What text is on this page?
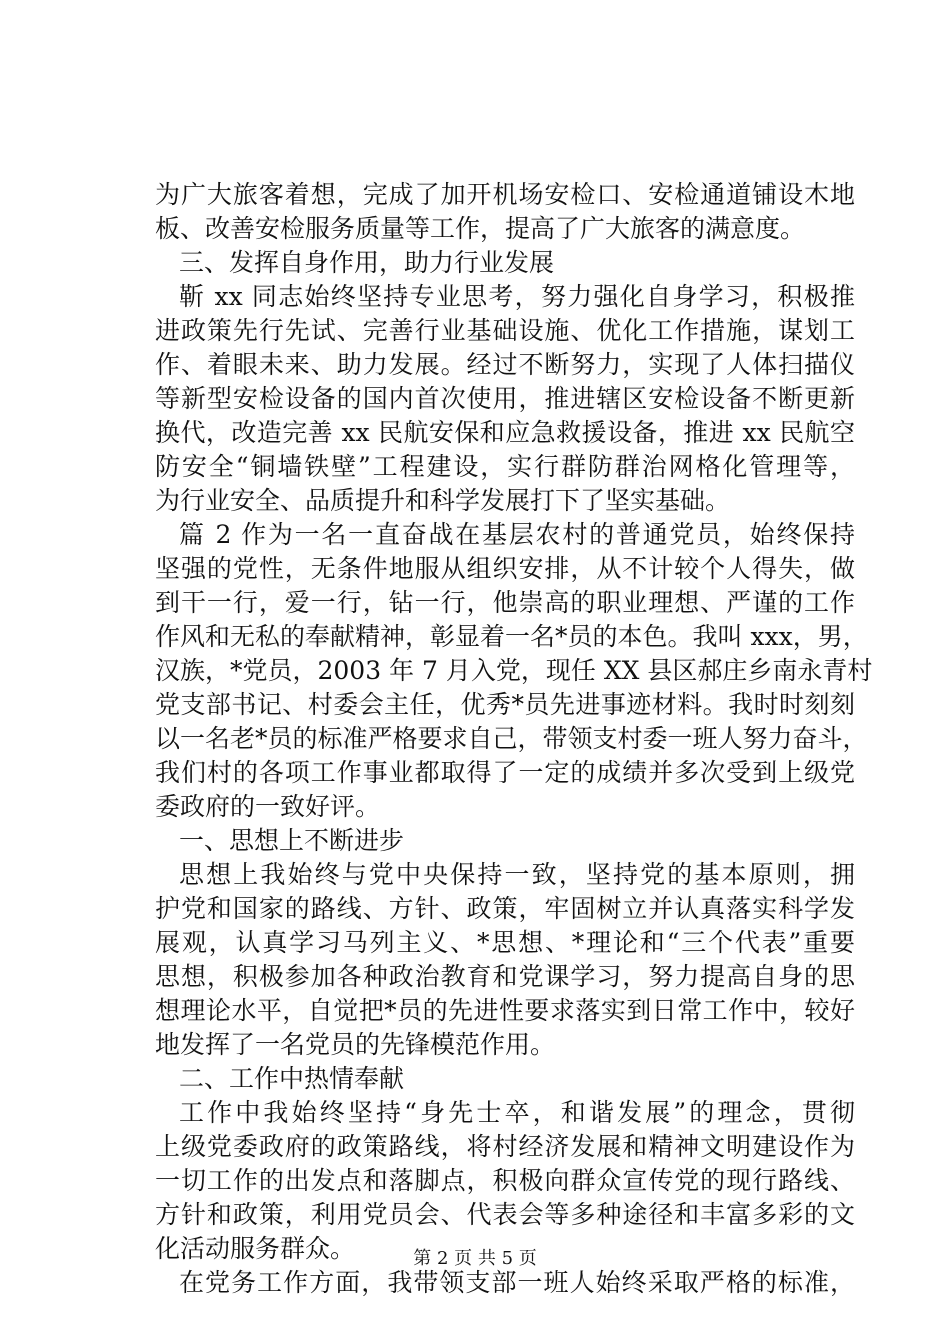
为广大旅客着想，完成了加开机场安检口、安检通道铺设木地
板、改善安检服务质量等工作，提高了广大旅客的满意度。
三、发挥自身作用，助力行业发展
靳 xx 同志始终坚持专业思考，努力强化自身学习，积极推
进政策先行先试、完善行业基础设施、优化工作措施，谋划工
作、着眼未来、助力发展。经过不断努力，实现了人体扫描仪
等新型安检设备的国内首次使用，推进辖区安检设备不断更新
换代，改造完善 xx 民航安保和应急救援设备，推进 xx 民航空
防安全“铜墙铁壁”工程建设，实行群防群治网格化管理等，
为行业安全、品质提升和科学发展打下了坚实基础。
篇 2 作为一名一直奋战在基层农村的普通党员，始终保持
坚强的党性，无条件地服从组织安排，从不计较个人得失，做
到干一行，爱一行，钻一行，他崇高的职业理想、严谨的工作
作风和无私的奉献精神，彰显着一名*员的本色。我叫 xxx，男，
汉族，*党员，2003 年 7 月入党，现任 XX 县区郝庄乡南永青村
党支部书记、村委会主任，优秀*员先进事迹材料。我时时刻刻
以一名老*员的标准严格要求自己，带领支村委一班人努力奋斗，
我们村的各项工作事业都取得了一定的成绩并多次受到上级党
委政府的一致好评。
一、思想上不断进步
思想上我始终与党中央保持一致，坚持党的基本原则，拥
护党和国家的路线、方针、政策，牢固树立并认真落实科学发
展观，认真学习马列主义、*思想、*理论和“三个代表”重要
思想，积极参加各种政治教育和党课学习，努力提高自身的思
想理论水平，自觉把*员的先进性要求落实到日常工作中，较好
地发挥了一名党员的先锋模范作用。
二、工作中热情奉献
工作中我始终坚持“身先士卒，和谐发展”的理念，贯彻
上级党委政府的政策路线，将村经济发展和精神文明建设作为
一切工作的出发点和落脚点，积极向群众宣传党的现行路线、
方针和政策，利用党员会、代表会等多种途径和丰富多彩的文
化活动服务群众。
在党务工作方面，我带领支部一班人始终采取严格的标准，
第 2 页 共 5 页
